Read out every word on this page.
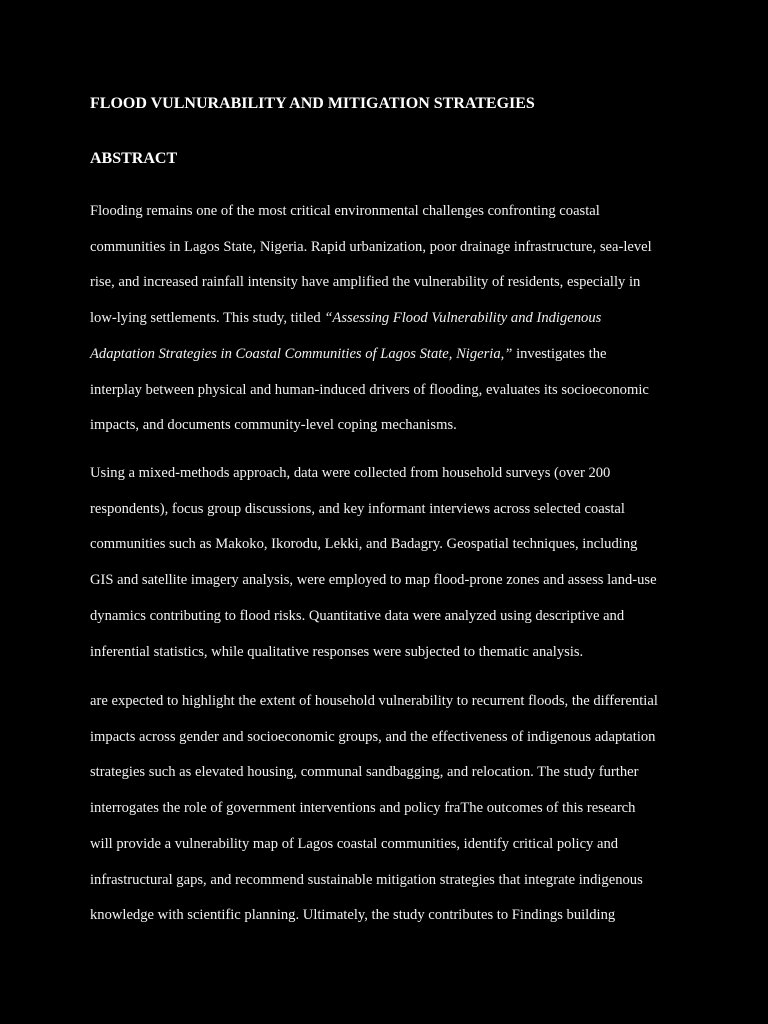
FLOOD VULNURABILITY AND MITIGATION STRATEGIES
ABSTRACT

Flooding remains one of the most critical environmental challenges confronting coastal
communities in Lagos State, Nigeria. Rapid urbanization, poor drainage infrastructure, sea-level
rise, and increased rainfall intensity have amplified the vulnerability of residents, especially in
low-lying settlements. This study, titled “Assessing Flood Vulnerability and Indigenous
Adaptation Strategies in Coastal Communities of Lagos State, Nigeria,” investigates the
interplay between physical and human-induced drivers of flooding, evaluates its socioeconomic
impacts, and documents community-level coping mechanisms.

Using a mixed-methods approach, data were collected from household surveys (over 200
respondents), focus group discussions, and key informant interviews across selected coastal
communities such as Makoko, Ikorodu, Lekki, and Badagry. Geospatial techniques, including
GIS and satellite imagery analysis, were employed to map flood-prone zones and assess land-use
dynamics contributing to flood risks. Quantitative data were analyzed using descriptive and
inferential statistics, while qualitative responses were subjected to thematic analysis.

are expected to highlight the extent of household vulnerability to recurrent floods, the differential
impacts across gender and socioeconomic groups, and the effectiveness of indigenous adaptation
strategies such as elevated housing, communal sandbagging, and relocation. The study further
interrogates the role of government interventions and policy fraThe outcomes of this research
will provide a vulnerability map of Lagos coastal communities, identify critical policy and
infrastructural gaps, and recommend sustainable mitigation strategies that integrate indigenous
knowledge with scientific planning. Ultimately, the study contributes to Findings building
